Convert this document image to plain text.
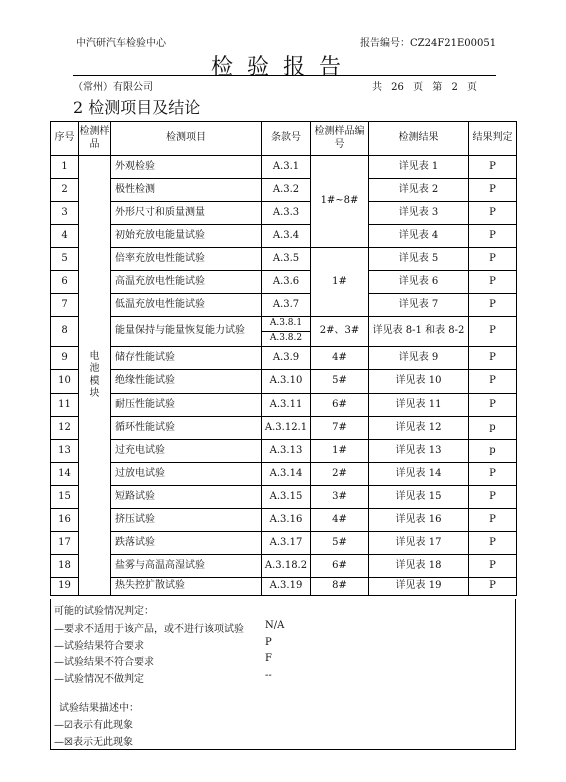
中汽研汽车检验中心	报告编号：CZ24F21E00051
检验报告
（常州）有限公司	共 26 页 第 2 页
2 检测项目及结论
序号	检测样品	检测项目	条款号	检测样品编号	检测结果	结果判定
1	电池模块	外观检验	A.3.1	1#~8#	详见表 1	P
2		极性检测	A.3.2		详见表 2	P
3		外形尺寸和质量测量	A.3.3		详见表 3	P
4		初始充放电能量试验	A.3.4		详见表 4	P
5		倍率充放电性能试验	A.3.5	1#	详见表 5	P
6		高温充放电性能试验	A.3.6		详见表 6	P
7		低温充放电性能试验	A.3.7		详见表 7	P
8		能量保持与能量恢复能力试验	A.3.8.1	2#、3#	详见表 8-1 和表 8-2	P
			A.3.8.2			
9		储存性能试验	A.3.9	4#	详见表 9	P
10		绝缘性能试验	A.3.10	5#	详见表 10	P
11		耐压性能试验	A.3.11	6#	详见表 11	P
12		循环性能试验	A.3.12.1	7#	详见表 12	p
13		过充电试验	A.3.13	1#	详见表 13	p
14		过放电试验	A.3.14	2#	详见表 14	P
15		短路试验	A.3.15	3#	详见表 15	P
16		挤压试验	A.3.16	4#	详见表 16	P
17		跌落试验	A.3.17	5#	详见表 17	P
18		盐雾与高温高湿试验	A.3.18.2	6#	详见表 18	P
19		热失控扩散试验	A.3.19	8#	详见表 19	P
可能的试验情况判定：
—要求不适用于该产品，或不进行该项试验 N/A
—试验结果符合要求	P
—试验结果不符合要求	F
—试验情况不做判定	--
试验结果描述中：
—☑表示有此现象
—☒表示无此现象
